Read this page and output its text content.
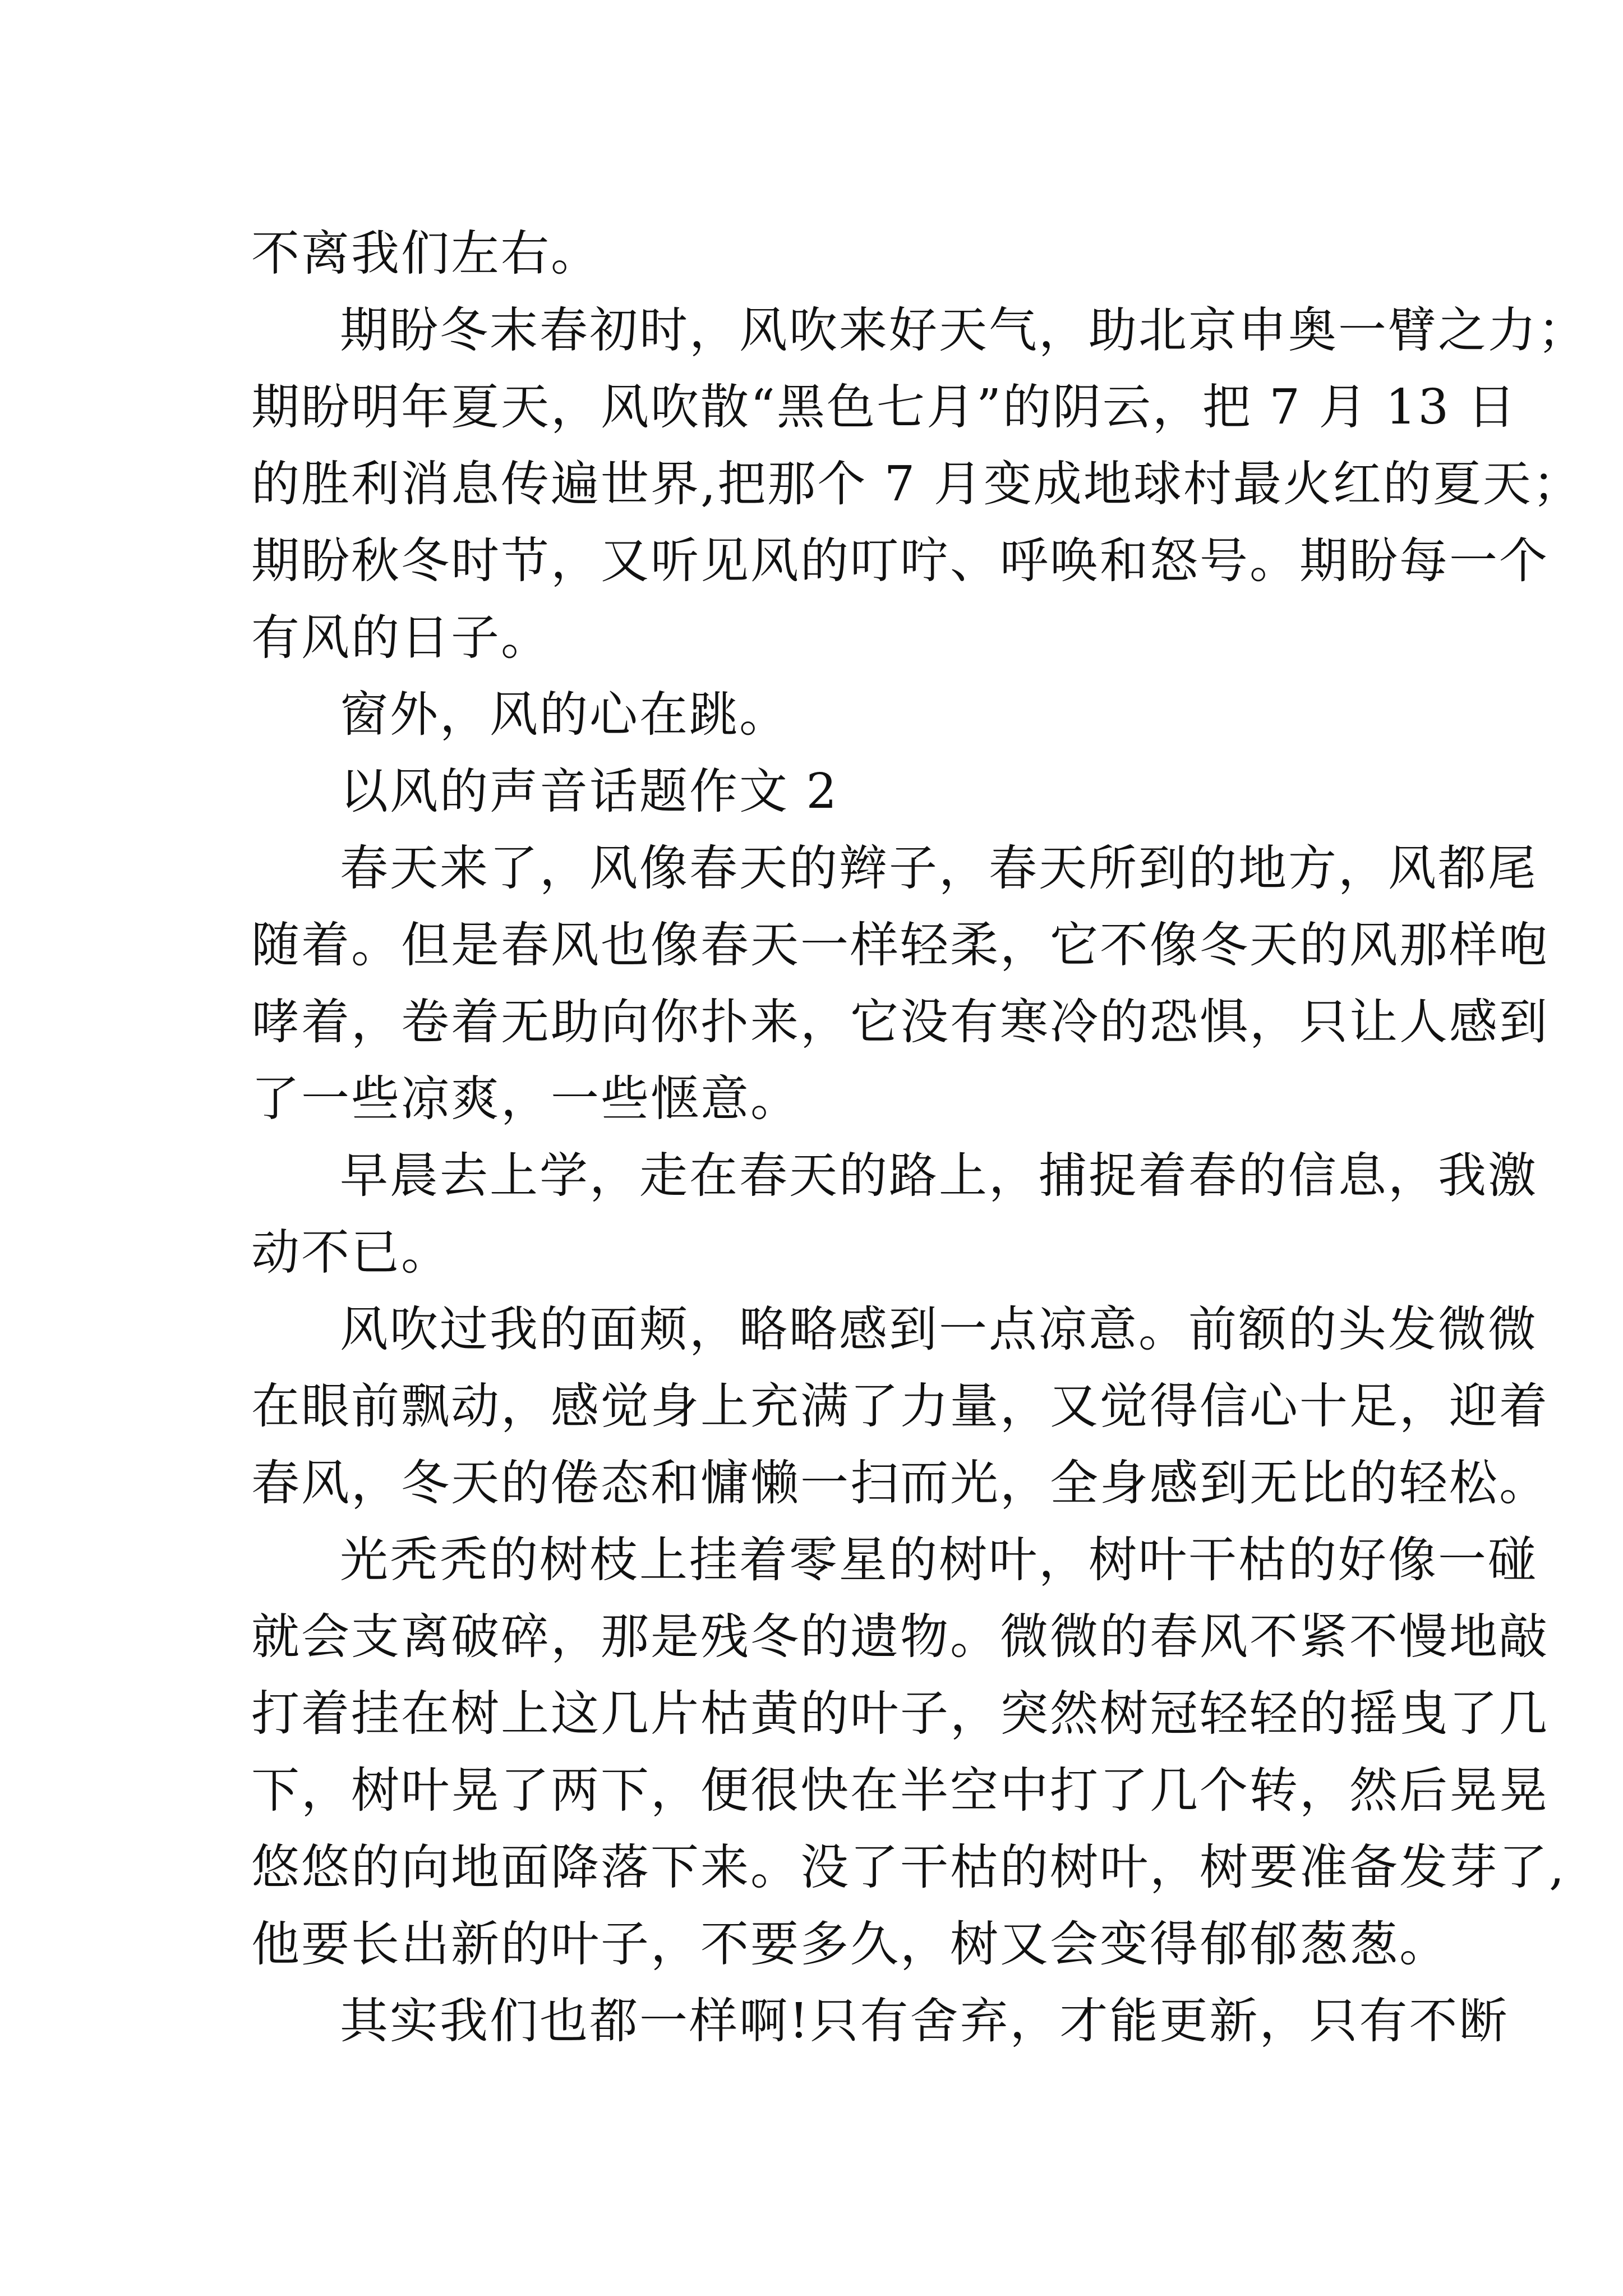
不离我们左右。
期盼冬末春初时，风吹来好天气，助北京申奥一臂之力；
期盼明年夏天，风吹散“黑色七月”的阴云，把 7 月 13 日
的胜利消息传遍世界,把那个 7 月变成地球村最火红的夏天；
期盼秋冬时节，又听见风的叮咛、呼唤和怒号。期盼每一个
有风的日子。
窗外，风的心在跳。
以风的声音话题作文 2
春天来了，风像春天的辫子，春天所到的地方，风都尾
随着。但是春风也像春天一样轻柔，它不像冬天的风那样咆
哮着，卷着无助向你扑来，它没有寒冷的恐惧，只让人感到
了一些凉爽，一些惬意。
早晨去上学，走在春天的路上，捕捉着春的信息，我激
动不已。
风吹过我的面颊，略略感到一点凉意。前额的头发微微
在眼前飘动，感觉身上充满了力量，又觉得信心十足，迎着
春风，冬天的倦态和慵懒一扫而光，全身感到无比的轻松。
光秃秃的树枝上挂着零星的树叶，树叶干枯的好像一碰
就会支离破碎，那是残冬的遗物。微微的春风不紧不慢地敲
打着挂在树上这几片枯黄的叶子，突然树冠轻轻的摇曳了几
下，树叶晃了两下，便很快在半空中打了几个转，然后晃晃
悠悠的向地面降落下来。没了干枯的树叶，树要准备发芽了,
他要长出新的叶子，不要多久，树又会变得郁郁葱葱。
其实我们也都一样啊!只有舍弃，才能更新，只有不断
